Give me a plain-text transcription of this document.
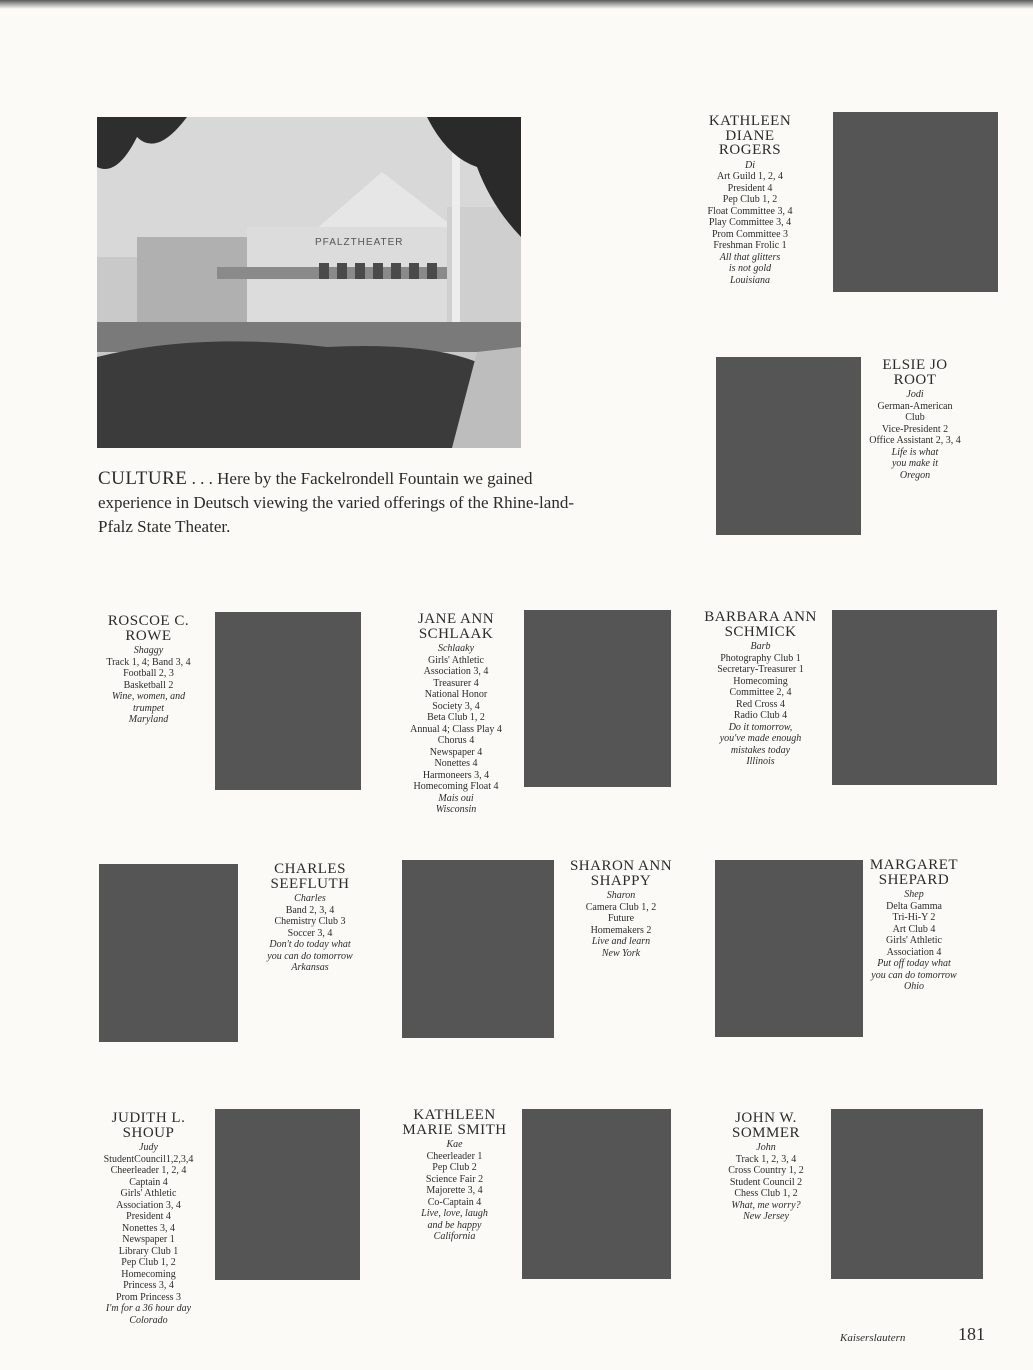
PFALZTHEATER
CULTURE . . . Here by the Fackelrondell Fountain we gained experience in Deutsch viewing the varied offerings of the Rhine-land-Pfalz State Theater.
KATHLEEN
DIANE
ROGERS
Di
Art Guild 1, 2, 4
President 4
Pep Club 1, 2
Float Committee 3, 4
Play Committee 3, 4
Prom Committee 3
Freshman Frolic 1
All that glitters
is not gold
Louisiana
ELSIE JO
ROOT
Jodi
German-American
Club
Vice-President 2
Office Assistant 2, 3, 4
Life is what
you make it
Oregon
ROSCOE C.
ROWE
Shaggy
Track 1, 4; Band 3, 4
Football 2, 3
Basketball 2
Wine, women, and
trumpet
Maryland
JANE ANN
SCHLAAK
Schlaaky
Girls' Athletic
Association 3, 4
Treasurer 4
National Honor
Society 3, 4
Beta Club 1, 2
Annual 4; Class Play 4
Chorus 4
Newspaper 4
Nonettes 4
Harmoneers 3, 4
Homecoming Float 4
Mais oui
Wisconsin
BARBARA ANN
SCHMICK
Barb
Photography Club 1
Secretary-Treasurer 1
Homecoming
Committee 2, 4
Red Cross 4
Radio Club 4
Do it tomorrow,
you've made enough
mistakes today
Illinois
CHARLES
SEEFLUTH
Charles
Band 2, 3, 4
Chemistry Club 3
Soccer 3, 4
Don't do today what
you can do tomorrow
Arkansas
SHARON ANN
SHAPPY
Sharon
Camera Club 1, 2
Future
Homemakers 2
Live and learn
New York
MARGARET
SHEPARD
Shep
Delta Gamma
Tri-Hi-Y 2
Art Club 4
Girls' Athletic
Association 4
Put off today what
you can do tomorrow
Ohio
JUDITH L.
SHOUP
Judy
StudentCouncil1,2,3,4
Cheerleader 1, 2, 4
Captain 4
Girls' Athletic
Association 3, 4
President 4
Nonettes 3, 4
Newspaper 1
Library Club 1
Pep Club 1, 2
Homecoming
Princess 3, 4
Prom Princess 3
I'm for a 36 hour day
Colorado
KATHLEEN
MARIE SMITH
Kae
Cheerleader 1
Pep Club 2
Science Fair 2
Majorette 3, 4
Co-Captain 4
Live, love, laugh
and be happy
California
JOHN W.
SOMMER
John
Track 1, 2, 3, 4
Cross Country 1, 2
Student Council 2
Chess Club 1, 2
What, me worry?
New Jersey
Kaiserslautern	181
